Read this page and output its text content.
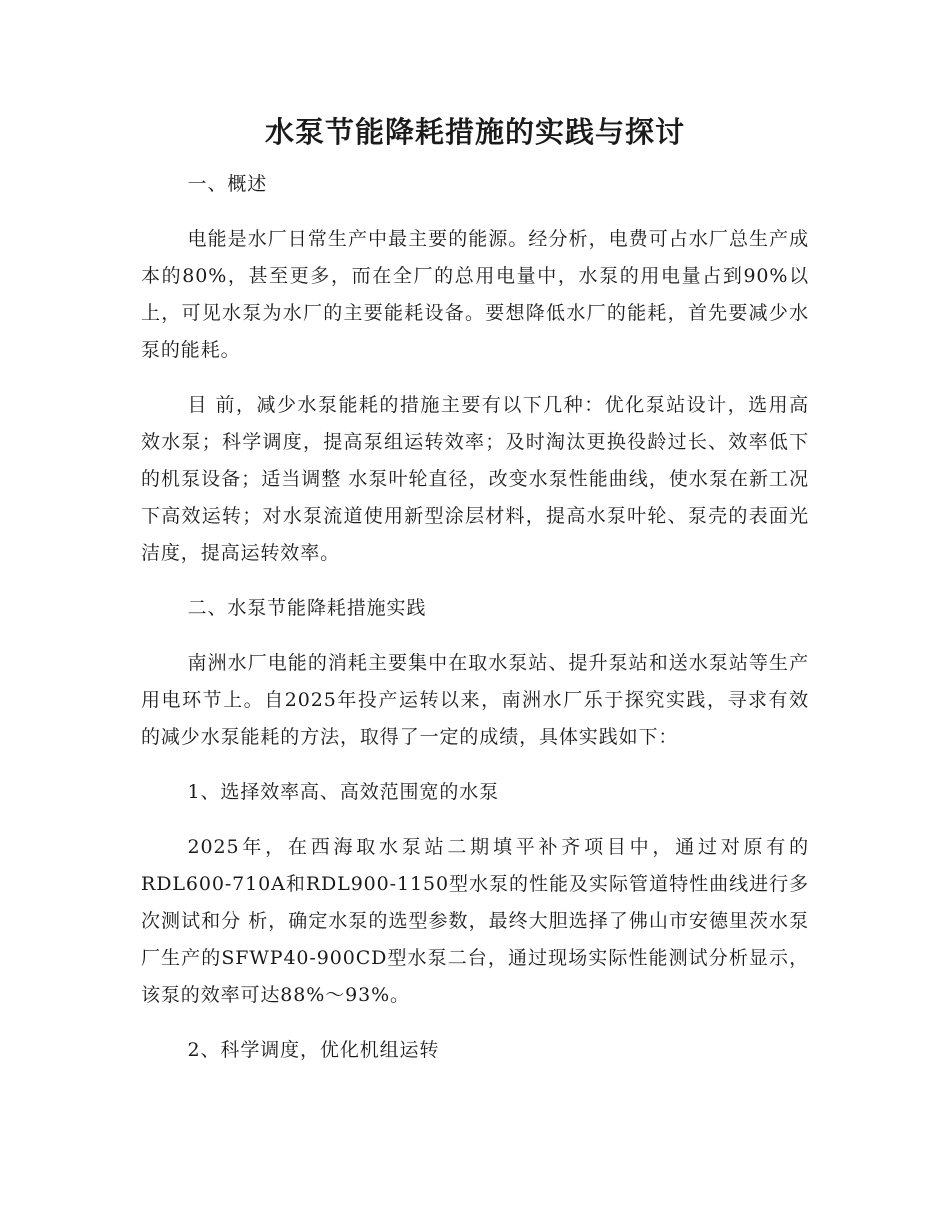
水泵节能降耗措施的实践与探讨

一、概述

电能是水厂日常生产中最主要的能源。经分析，电费可占水厂总生产成本的80%，甚至更多，而在全厂的总用电量中，水泵的用电量占到90%以上，可见水泵为水厂的主要能耗设备。要想降低水厂的能耗，首先要减少水泵的能耗。

目 前，减少水泵能耗的措施主要有以下几种：优化泵站设计，选用高效水泵；科学调度，提高泵组运转效率；及时淘汰更换役龄过长、效率低下的机泵设备；适当调整 水泵叶轮直径，改变水泵性能曲线，使水泵在新工况下高效运转；对水泵流道使用新型涂层材料，提高水泵叶轮、泵壳的表面光洁度，提高运转效率。

二、水泵节能降耗措施实践

南洲水厂电能的消耗主要集中在取水泵站、提升泵站和送水泵站等生产用电环节上。自2025年投产运转以来，南洲水厂乐于探究实践，寻求有效的减少水泵能耗的方法，取得了一定的成绩，具体实践如下：

1、选择效率高、高效范围宽的水泵

2025年，在西海取水泵站二期填平补齐项目中，通过对原有的RDL600-710A和RDL900-1150型水泵的性能及实际管道特性曲线进行多次测试和分 析，确定水泵的选型参数，最终大胆选择了佛山市安德里茨水泵厂生产的SFWP40-900CD型水泵二台，通过现场实际性能测试分析显示，该泵的效率可达88%～93%。

2、科学调度，优化机组运转
